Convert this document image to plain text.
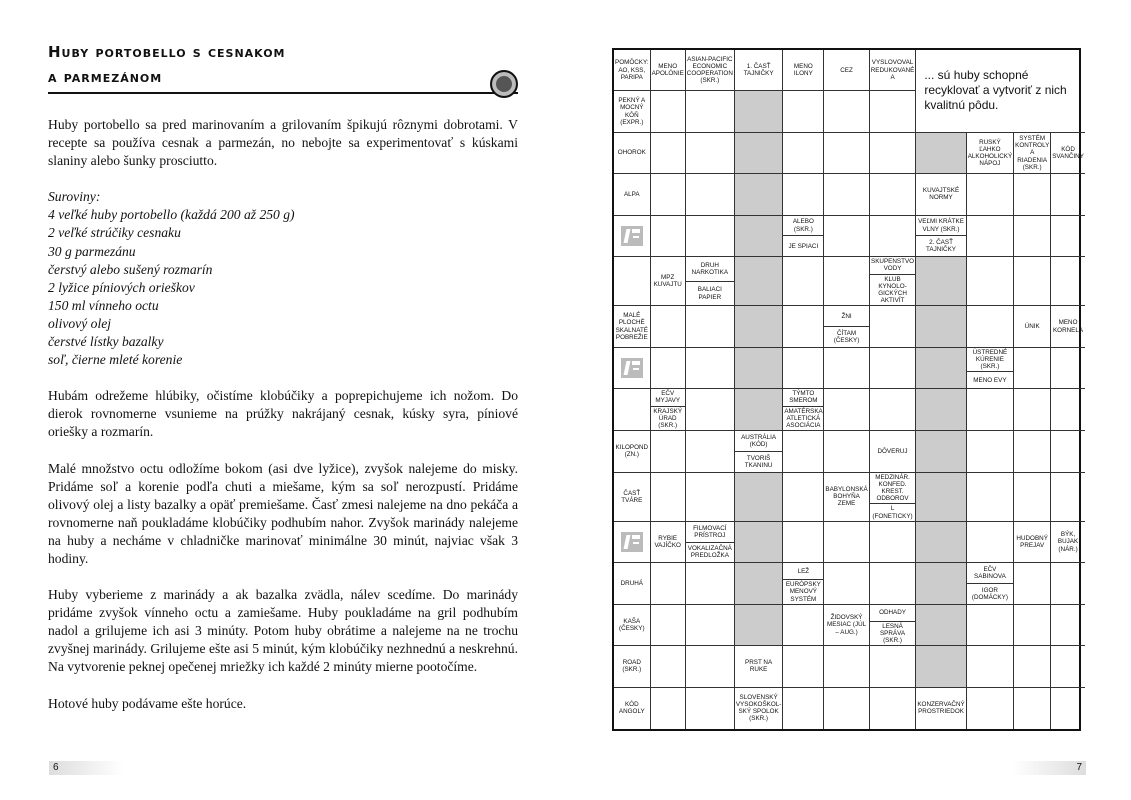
Huby portobello s cesnakom
a parmezánom

Huby portobello sa pred marinovaním a grilovaním špikujú rôznymi dobrotami. V recepte sa používa cesnak a parmezán, no nebojte sa experimentovať s kúskami slaniny alebo šunky prosciutto.

Suroviny:
4 veľké huby portobello (každá 200 až 250 g)
2 veľké strúčiky cesnaku
30 g parmezánu
čerstvý alebo sušený rozmarín
2 lyžice píniových orieškov
150 ml vínneho octu
olivový olej
čerstvé lístky bazalky
soľ, čierne mleté korenie

Hubám odrežeme hlúbiky, očistíme klobúčiky a poprepichujeme ich nožom. Do dierok rovnomerne vsunieme na prúžky nakrájaný cesnak, kúsky syra, píniové oriešky a rozmarín.

Malé množstvo octu odložíme bokom (asi dve lyžice), zvyšok nalejeme do misky. Pridáme soľ a korenie podľa chuti a miešame, kým sa soľ nerozpustí. Pridáme olivový olej a listy bazalky a opäť premiešame. Časť zmesi nalejeme na dno pekáča a rovnomerne naň poukladáme klobúčiky podhubím nahor. Zvyšok marinády nalejeme na huby a necháme v chladničke marinovať minimálne 30 minút, najviac však 3 hodiny.

Huby vyberieme z marinády a ak bazalka zvädla, nálev scedíme. Do marinády pridáme zvyšok vínneho octu a zamiešame. Huby poukladáme na gril podhubím nadol a grilujeme ich asi 3 minúty. Potom huby obrátime a nalejeme na ne trochu zvyšnej marinády. Grilujeme ešte asi 5 minút, kým klobúčiky nezhnednú a neskrehnú. Na vytvorenie peknej opečenej mriežky ich každé 2 minúty mierne pootočíme.

Hotové huby podávame ešte horúce.

6	7
POMÔCKY: AO, KSS, PARIPA
MENO APOLÓNIE
ASIAN-PACIFIC ECONOMIC COOPERATION (SKR.)
1. ČASŤ TAJNIČKY
MENO ILONY
CEZ
VYSLOVOVAL REDUKOVANÉ A
PEKNÝ A MOCNÝ KÔŇ (EXPR.)
OHOROK
RUSKÝ ĽAHKO ALKOHOLICKÝ NÁPOJ
SYSTÉM KONTROLY A RIADENIA (SKR.)
KÓD SVANČINY
ALPA
KUVAJTSKÉ NORMY
ALEBO (SKR.)
JE SPIACI
VEĽMI KRÁTKE VLNY (SKR.)
2. ČASŤ TAJNIČKY
MPZ KUVAJTU
DRUH NARKOTIKA
BALIACI PAPIER
SKUPENSTVO VODY
KLUB KYNOLO-GICKÝCH AKTIVÍT
MALÉ PLOCHÉ SKALNATÉ POBREŽIE
ŽNI
ČÍTAM (ČESKY)
ÚNIK
MENO KORNELA
ÚSTREDNÉ KÚRENIE (SKR.)
MENO EVY
EČV MYJAVY
KRAJSKÝ ÚRAD (SKR.)
TÝMTO SMEROM
AMATÉRSKA ATLETICKÁ ASOCIÁCIA
KILOPOND (ZN.)
AUSTRÁLIA (KÓD)
TVORIŠ TKANINU
DÔVERUJ
ČASŤ TVÁRE
BABYLONSKÁ BOHYŇA ZEME
MEDZINÁR. KONFED. KREST. ODBOROV
L (FONETICKY)
RYBIE VAJÍČKO
FILMOVACÍ PRÍSTROJ
VOKALIZAČNÁ PREDLOŽKA
HUDOBNÝ PREJAV
BÝK, BUJAK (NÁR.)
DRUHÁ
LEŽ
EURÓPSKY MENOVÝ SYSTÉM
EČV SABINOVA
IGOR (DOMÁCKY)
KAŠA (ČESKY)
ŽIDOVSKÝ MESIAC (JÚL – AUG.)
ODHADY
LESNÁ SPRÁVA (SKR.)
ROAD (SKR.)
PRST NA RUKE
KÓD ANGOLY
SLOVENSKÝ VYSOKOŠKOL-SKÝ SPOLOK (SKR.)
KONZERVAČNÝ PROSTRIEDOK
... sú huby schopné recyklovať a vytvoriť z nich kvalitnú pôdu.
